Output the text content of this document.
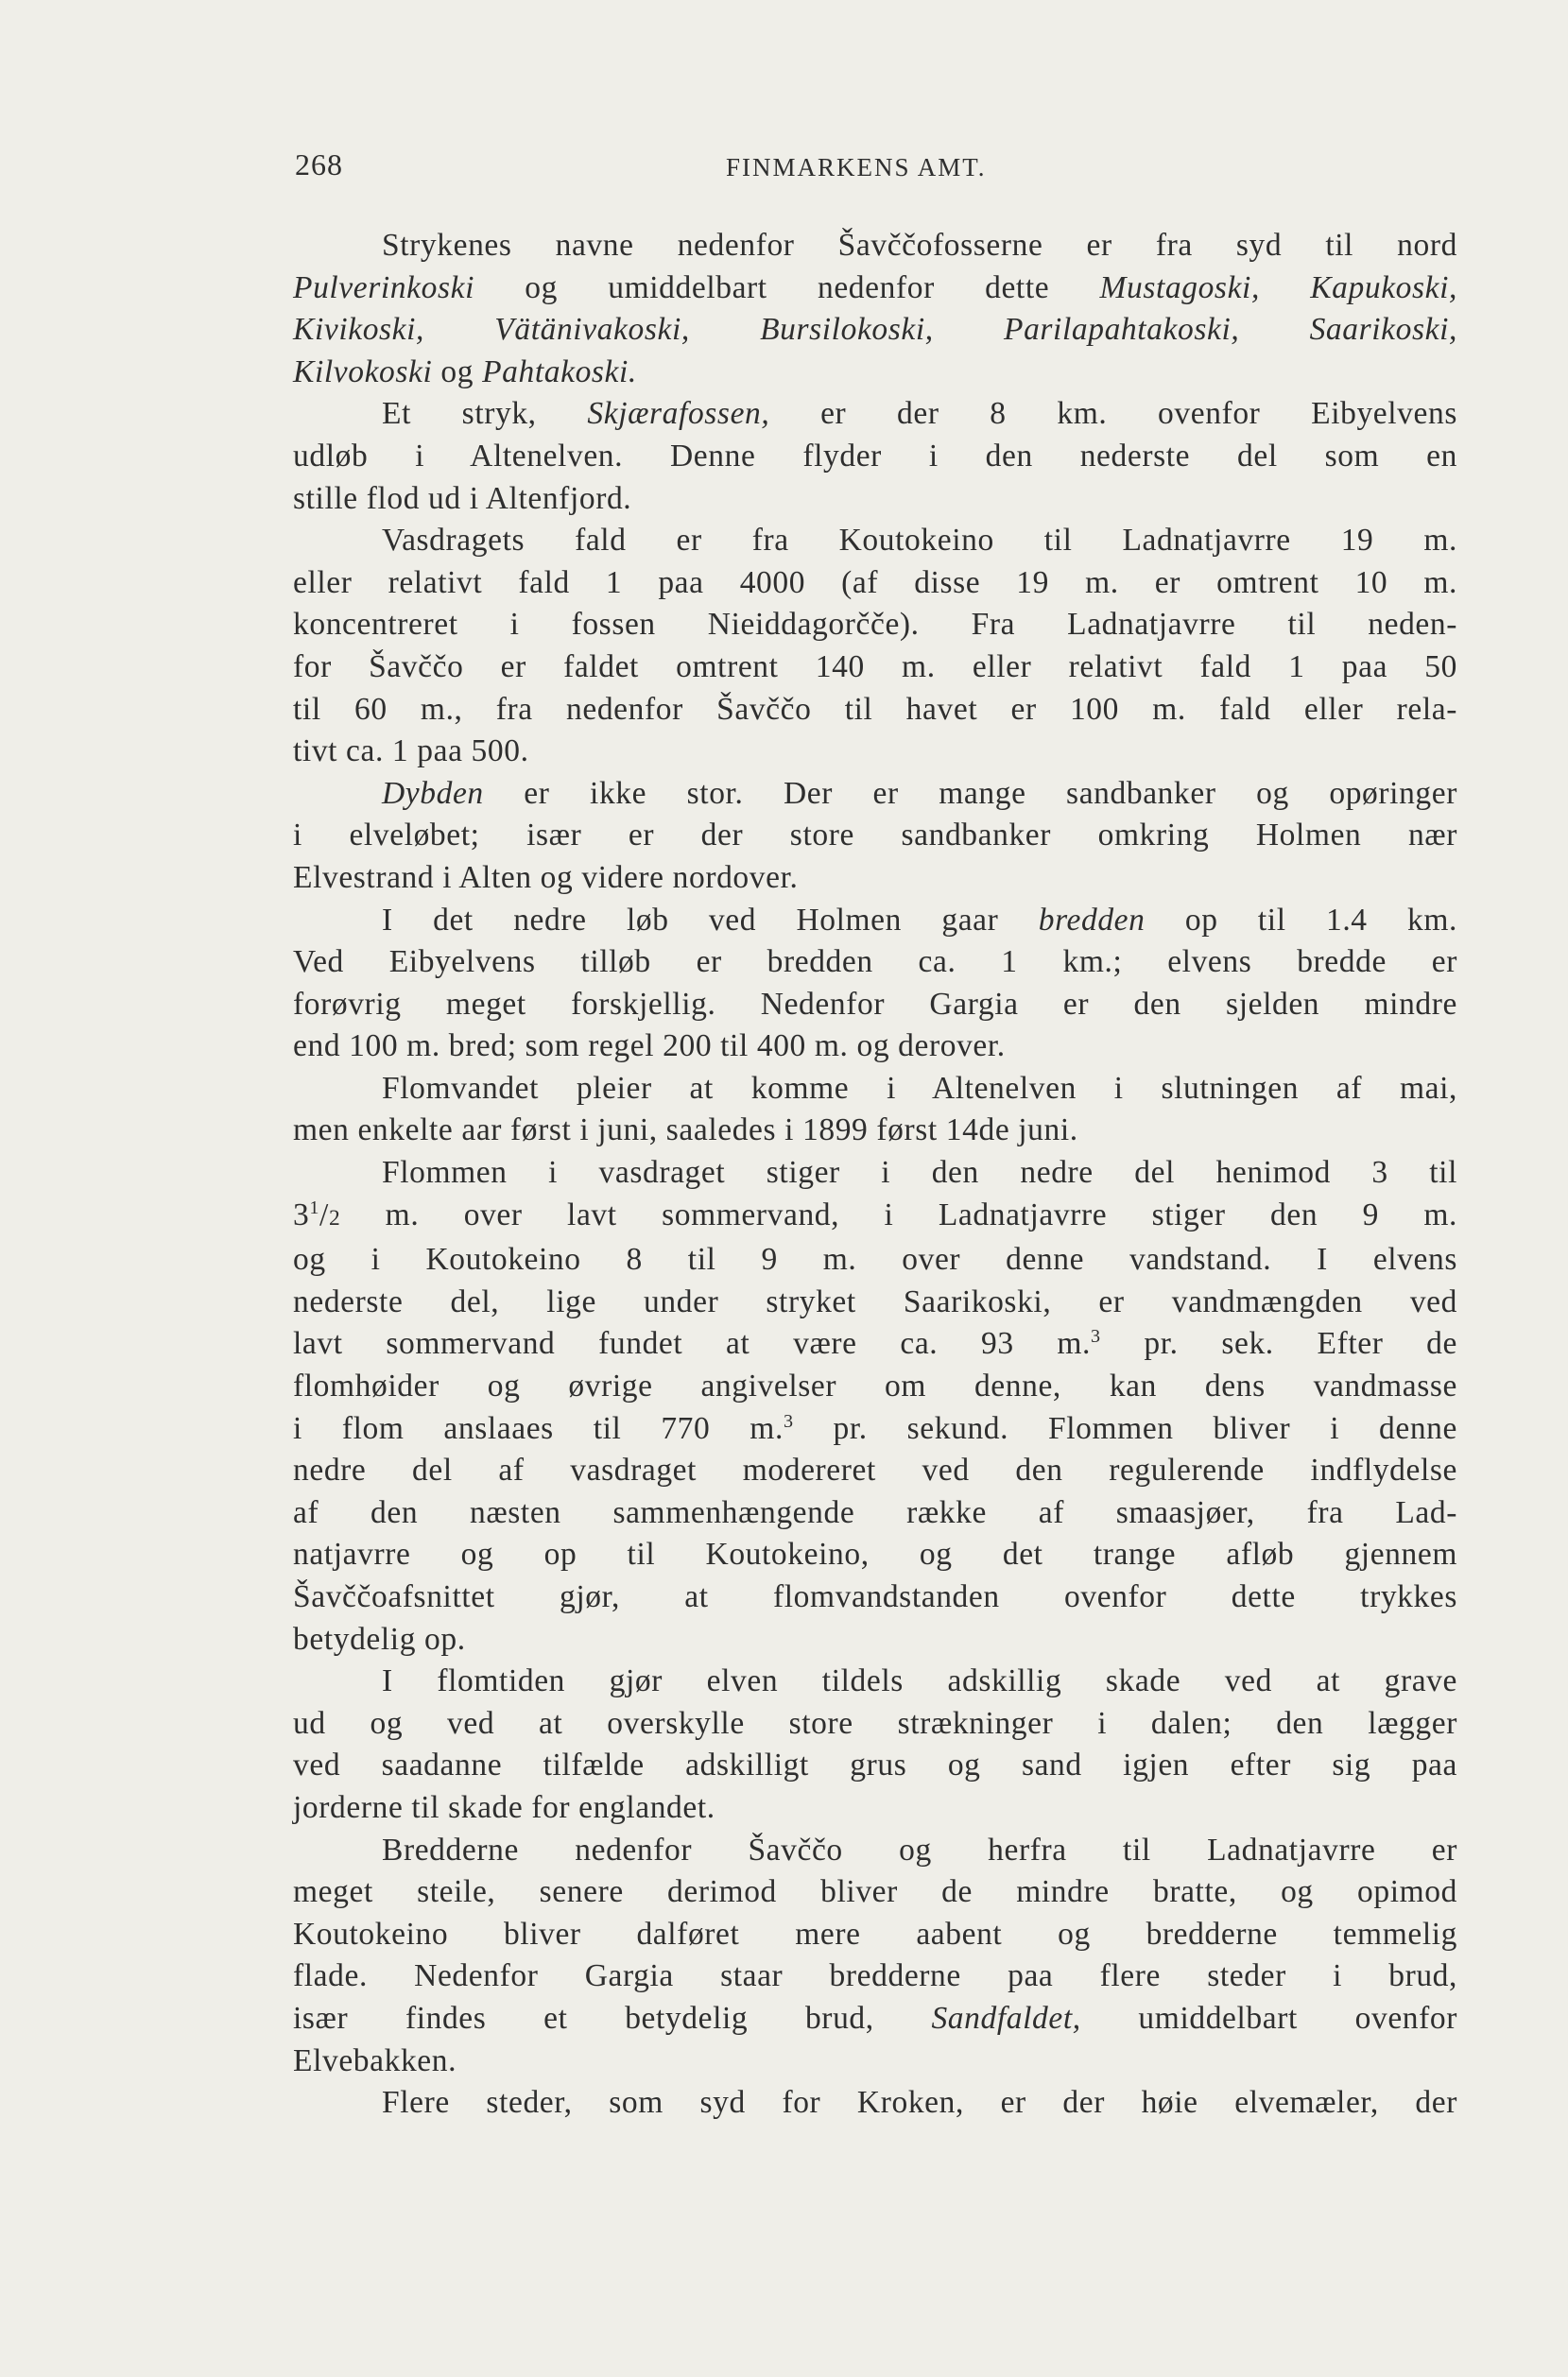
268	FINMARKENS AMT.
Strykenes navne nedenfor Šavččofosserne er fra syd til nord
Pulverinkoski og umiddelbart nedenfor dette Mustagoski, Kapukoski,
Kivikoski, Vätänivakoski, Bursilokoski, Parilapahtakoski, Saarikoski,
Kilvokoski og Pahtakoski.
Et stryk, Skjærafossen, er der 8 km. ovenfor Eibyelvens
udløb i Altenelven. Denne flyder i den nederste del som en
stille flod ud i Altenfjord.
Vasdragets fald er fra Koutokeino til Ladnatjavrre 19 m.
eller relativt fald 1 paa 4000 (af disse 19 m. er omtrent 10 m.
koncentreret i fossen Nieiddagorčče). Fra Ladnatjavrre til neden-
for Šavččo er faldet omtrent 140 m. eller relativt fald 1 paa 50
til 60 m., fra nedenfor Šavččo til havet er 100 m. fald eller rela-
tivt ca. 1 paa 500.
Dybden er ikke stor. Der er mange sandbanker og opøringer
i elveløbet; især er der store sandbanker omkring Holmen nær
Elvestrand i Alten og videre nordover.
I det nedre løb ved Holmen gaar bredden op til 1.4 km.
Ved Eibyelvens tilløb er bredden ca. 1 km.; elvens bredde er
forøvrig meget forskjellig. Nedenfor Gargia er den sjelden mindre
end 100 m. bred; som regel 200 til 400 m. og derover.
Flomvandet pleier at komme i Altenelven i slutningen af mai,
men enkelte aar først i juni, saaledes i 1899 først 14de juni.
Flommen i vasdraget stiger i den nedre del henimod 3 til
$3^1/2$ m. over lavt sommervand, i Ladnatjavrre stiger den 9 m.
og i Koutokeino 8 til 9 m. over denne vandstand. I elvens
nederste del, lige under stryket Saarikoski, er vandmængden ved
lavt sommervand fundet at være ca. 93 m.$^3$ pr. sek. Efter de
flomhøider og øvrige angivelser om denne, kan dens vandmasse
i flom anslaaes til 770 m.$^3$ pr. sekund. Flommen bliver i denne
nedre del af vasdraget modereret ved den regulerende indflydelse
af den næsten sammenhængende række af smaasjøer, fra Lad-
natjavrre og op til Koutokeino, og det trange afløb gjennem
Šavččoafsnittet gjør, at flomvandstanden ovenfor dette trykkes
betydelig op.
I flomtiden gjør elven tildels adskillig skade ved at grave
ud og ved at overskylle store strækninger i dalen; den lægger
ved saadanne tilfælde adskilligt grus og sand igjen efter sig paa
jorderne til skade for englandet.
Bredderne nedenfor Šavččo og herfra til Ladnatjavrre er
meget steile, senere derimod bliver de mindre bratte, og opimod
Koutokeino bliver dalføret mere aabent og bredderne temmelig
flade. Nedenfor Gargia staar bredderne paa flere steder i brud,
især findes et betydelig brud, Sandfaldet, umiddelbart ovenfor
Elvebakken.
Flere steder, som syd for Kroken, er der høie elvemæler, der
